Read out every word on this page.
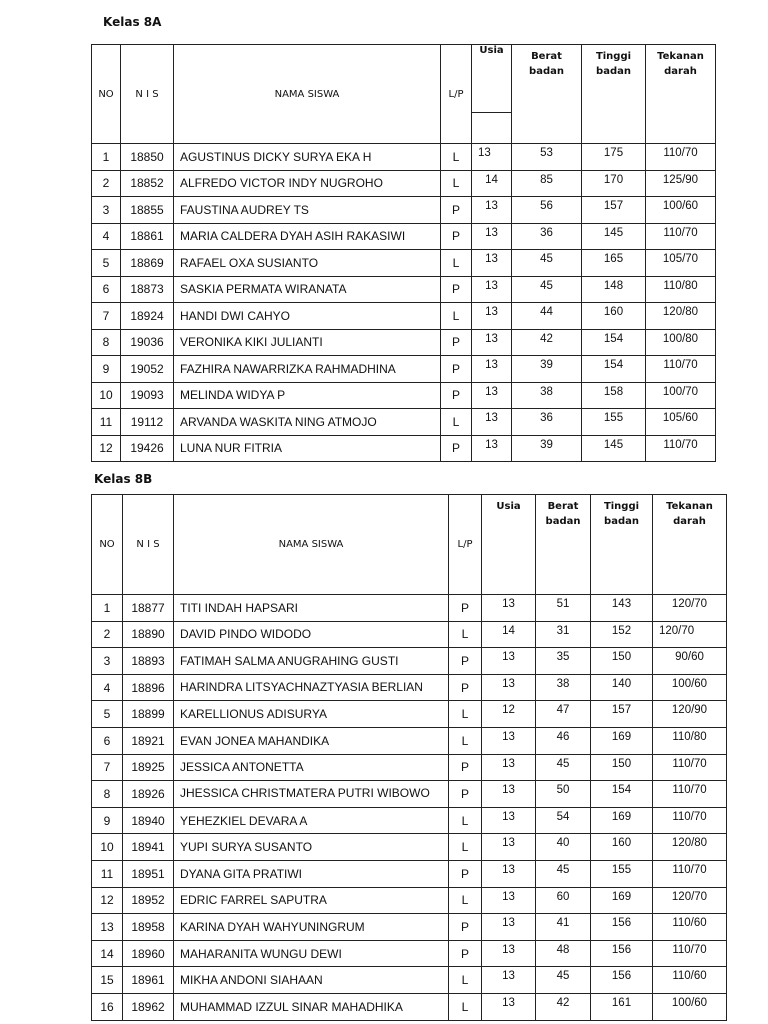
Kelas 8A
NO	N I S	NAMA SISWA	L/P	Usia	Berat badan	Tinggi badan	Tekanan darah

1	18850	AGUSTINUS DICKY SURYA EKA H	L	13	53	175	110/70
2	18852	ALFREDO VICTOR INDY NUGROHO	L	14	85	170	125/90
3	18855	FAUSTINA AUDREY TS	P	13	56	157	100/60
4	18861	MARIA CALDERA DYAH ASIH RAKASIWI	P	13	36	145	110/70
5	18869	RAFAEL OXA SUSIANTO	L	13	45	165	105/70
6	18873	SASKIA PERMATA WIRANATA	P	13	45	148	110/80
7	18924	HANDI DWI CAHYO	L	13	44	160	120/80
8	19036	VERONIKA KIKI JULIANTI	P	13	42	154	100/80
9	19052	FAZHIRA NAWARRIZKA RAHMADHINA	P	13	39	154	110/70
10	19093	MELINDA WIDYA P	P	13	38	158	100/70
11	19112	ARVANDA WASKITA NING ATMOJO	L	13	36	155	105/60
12	19426	LUNA NUR FITRIA	P	13	39	145	110/70
Kelas 8B
NO	N I S	NAMA SISWA	L/P	Usia	Berat badan	Tinggi badan	Tekanan darah
1	18877	TITI INDAH HAPSARI	P	13	51	143	120/70
2	18890	DAVID PINDO WIDODO	L	14	31	152	120/70
3	18893	FATIMAH SALMA ANUGRAHING GUSTI	P	13	35	150	90/60
4	18896	HARINDRA LITSYACHNAZTYASIA BERLIAN	P	13	38	140	100/60
5	18899	KARELLIONUS ADISURYA	L	12	47	157	120/90
6	18921	EVAN JONEA MAHANDIKA	L	13	46	169	110/80
7	18925	JESSICA ANTONETTA	P	13	45	150	110/70
8	18926	JHESSICA CHRISTMATERA PUTRI WIBOWO	P	13	50	154	110/70
9	18940	YEHEZKIEL DEVARA A	L	13	54	169	110/70
10	18941	YUPI SURYA SUSANTO	L	13	40	160	120/80
11	18951	DYANA GITA PRATIWI	P	13	45	155	110/70
12	18952	EDRIC FARREL SAPUTRA	L	13	60	169	120/70
13	18958	KARINA DYAH WAHYUNINGRUM	P	13	41	156	110/60
14	18960	MAHARANITA WUNGU DEWI	P	13	48	156	110/70
15	18961	MIKHA ANDONI SIAHAAN	L	13	45	156	110/60
16	18962	MUHAMMAD IZZUL SINAR MAHADHIKA	L	13	42	161	100/60
